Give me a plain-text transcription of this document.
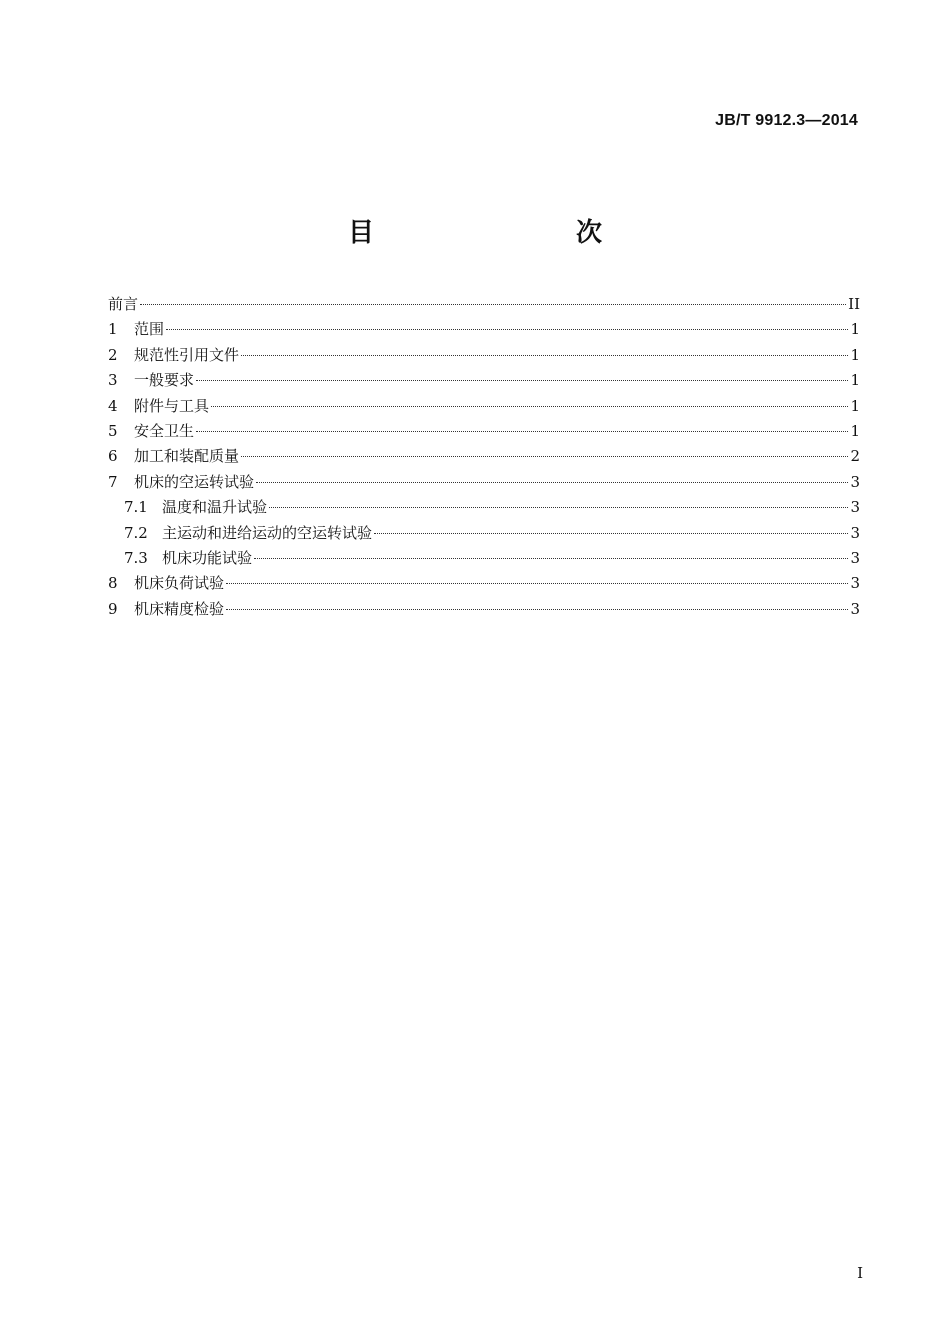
JB/T 9912.3—2014
目　　次
前言	II
1	范围	1
2	规范性引用文件	1
3	一般要求	1
4	附件与工具	1
5	安全卫生	1
6	加工和装配质量	2
7	机床的空运转试验	3
7.1 温度和温升试验	3
7.2 主运动和进给运动的空运转试验	3
7.3 机床功能试验	3
8	机床负荷试验	3
9	机床精度检验	3
I
